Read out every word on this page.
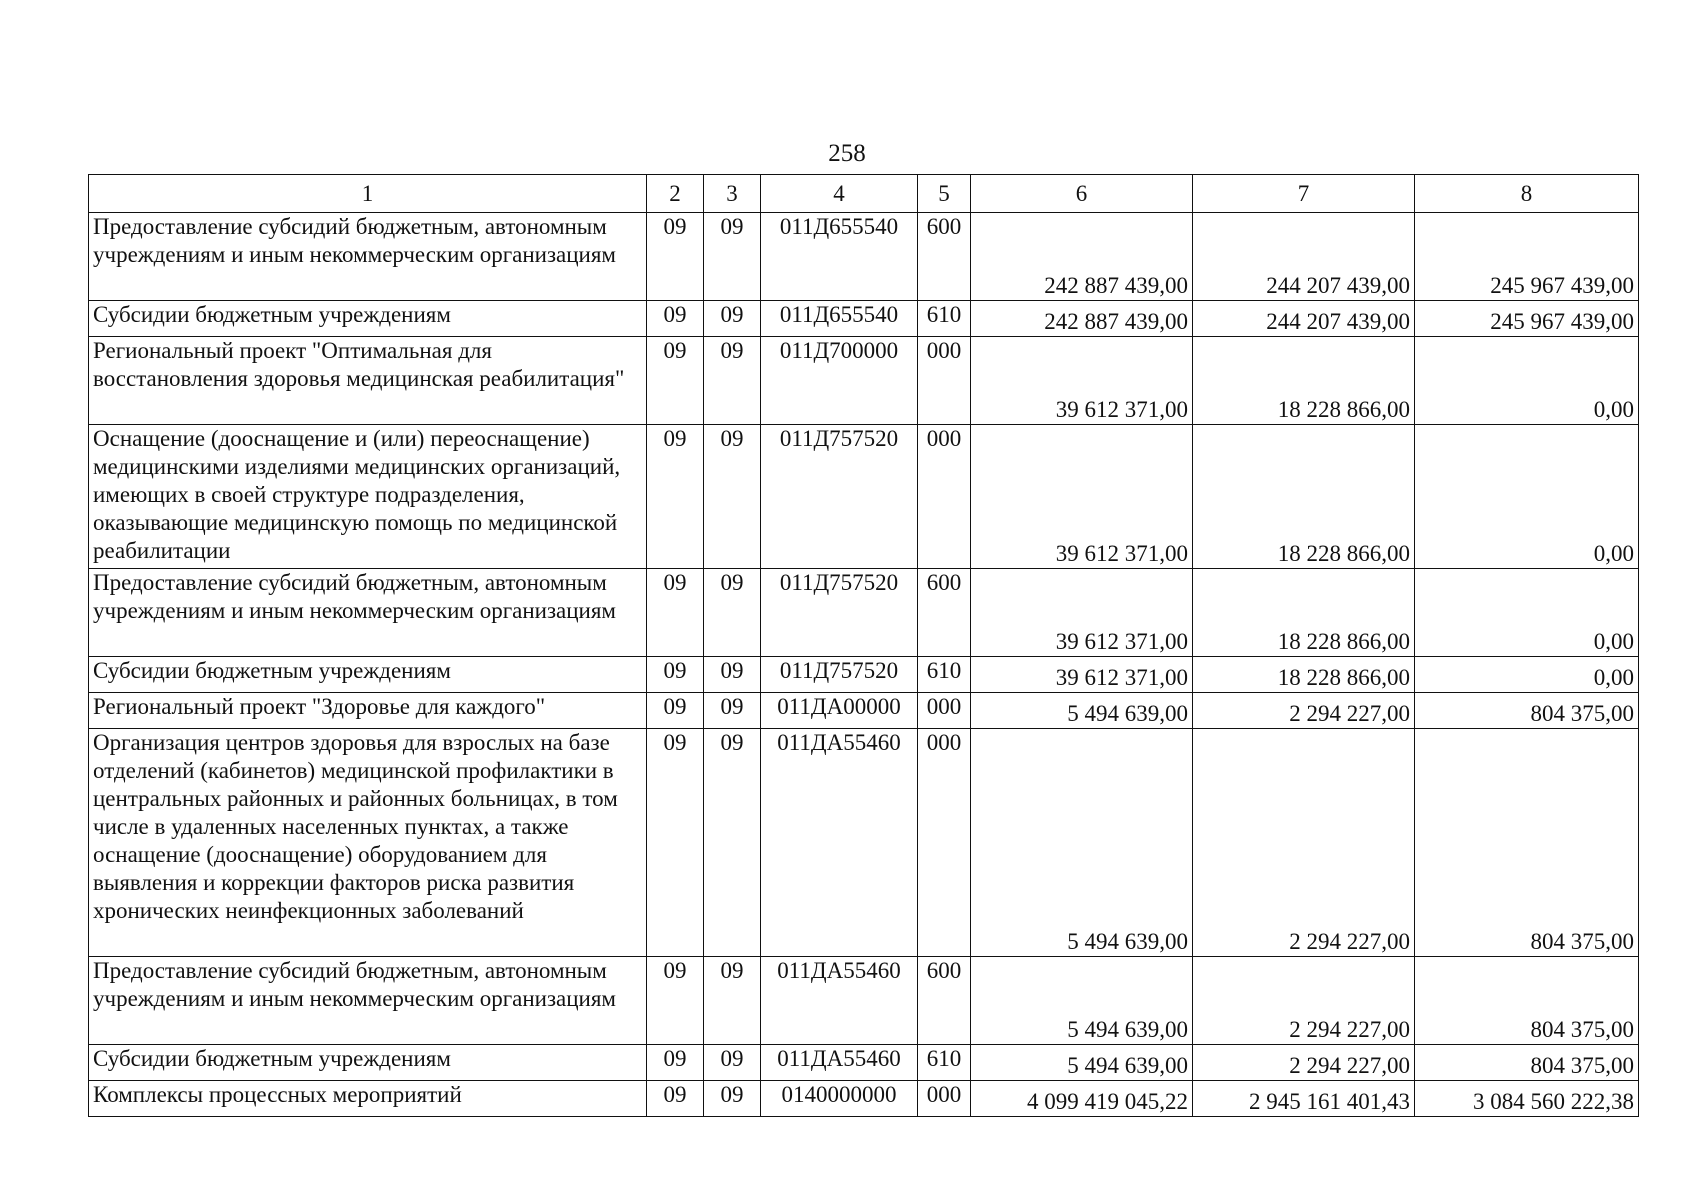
258
1	2	3	4	5	6	7	8
Предоставление субсидий бюджетным, автономным учреждениям и иным некоммерческим организациям	09	09	011Д655540	600	242 887 439,00	244 207 439,00	245 967 439,00
Субсидии бюджетным учреждениям	09	09	011Д655540	610	242 887 439,00	244 207 439,00	245 967 439,00
Региональный проект "Оптимальная для восстановления здоровья медицинская реабилитация"	09	09	011Д700000	000	39 612 371,00	18 228 866,00	0,00
Оснащение (дооснащение и (или) переоснащение) медицинскими изделиями медицинских организаций, имеющих в своей структуре подразделения, оказывающие медицинскую помощь по медицинской реабилитации	09	09	011Д757520	000	39 612 371,00	18 228 866,00	0,00
Предоставление субсидий бюджетным, автономным учреждениям и иным некоммерческим организациям	09	09	011Д757520	600	39 612 371,00	18 228 866,00	0,00
Субсидии бюджетным учреждениям	09	09	011Д757520	610	39 612 371,00	18 228 866,00	0,00
Региональный проект "Здоровье для каждого"	09	09	011ДА00000	000	5 494 639,00	2 294 227,00	804 375,00
Организация центров здоровья для взрослых на базе отделений (кабинетов) медицинской профилактики в центральных районных и районных больницах, в том числе в удаленных населенных пунктах, а также оснащение (дооснащение) оборудованием для выявления и коррекции факторов риска развития хронических неинфекционных заболеваний	09	09	011ДА55460	000	5 494 639,00	2 294 227,00	804 375,00
Предоставление субсидий бюджетным, автономным учреждениям и иным некоммерческим организациям	09	09	011ДА55460	600	5 494 639,00	2 294 227,00	804 375,00
Субсидии бюджетным учреждениям	09	09	011ДА55460	610	5 494 639,00	2 294 227,00	804 375,00
Комплексы процессных мероприятий	09	09	0140000000	000	4 099 419 045,22	2 945 161 401,43	3 084 560 222,38
